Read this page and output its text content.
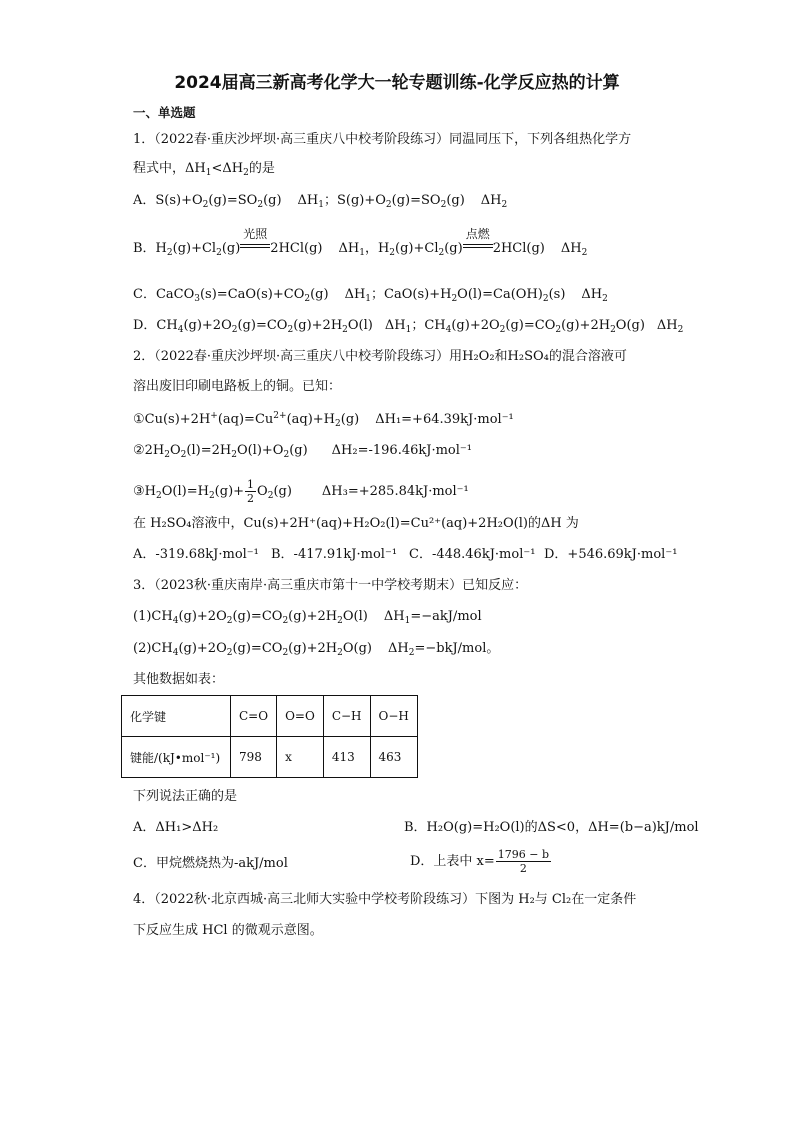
2024届高三新高考化学大一轮专题训练-化学反应热的计算
一、单选题
1．（2022春·重庆沙坪坝·高三重庆八中校考阶段练习）同温同压下，下列各组热化学方
程式中，$\Delta H_1<\Delta H_2$的是
A．$S(s)+O_2(g)=SO_2(g)$ $\Delta H_1$；$S(g)+O_2(g)=SO_2(g)$ $\Delta H_2$
B．$H_2(g)+Cl_2(g)$
光照
2HCl(g) $\Delta H_1$，$H_2(g)+Cl_2(g)$
点燃
2HCl(g) $\Delta H_2$
C．$CaCO_3(s)=CaO(s)+CO_2(g)$ $\Delta H_1$；$CaO(s)+H_2O(l)=Ca(OH)_2(s)$ $\Delta H_2$
D．$CH_4(g)+2O_2(g)=CO_2(g)+2H_2O(l)$ $\Delta H_1$；$CH_4(g)+2O_2(g)=CO_2(g)+2H_2O(g)$ $\Delta H_2$
2．（2022春·重庆沙坪坝·高三重庆八中校考阶段练习）用H₂O₂和H₂SO₄的混合溶液可
溶出废旧印刷电路板上的铜。已知：
$①Cu(s)+2H^+(aq)=Cu^{2+}(aq)+H_2(g)$ ΔH₁=+64.39kJ·mol⁻¹
$②2H_2O_2(l)=2H_2O(l)+O_2(g)$ ΔH₂=-196.46kJ·mol⁻¹
$③H_2O(l)=H_2(g)+ \frac{1}{2} O_2(g)$ ΔH₃=+285.84kJ·mol⁻¹
在 H₂SO₄溶液中，Cu(s)+2H⁺(aq)+H₂O₂(l)=Cu²⁺(aq)+2H₂O(l)的ΔH 为
A．-319.68kJ·mol⁻¹ B．-417.91kJ·mol⁻¹ C．-448.46kJ·mol⁻¹ D．+546.69kJ·mol⁻¹
3．（2023秋·重庆南岸·高三重庆市第十一中学校考期末）已知反应：
$(1)CH_4(g)+2O_2(g)=CO_2(g)+2H_2O(l)$ $\Delta H_1=-akJ$/mol
$(2)CH_4(g)+2O_2(g)=CO_2(g)+2H_2O(g)$ $\Delta H_2=-bkJ$/mol。
其他数据如表：
化学键	C=O	O=O	C−H	O−H
键能/(kJ•mol⁻¹)	798	x	413	463
下列说法正确的是
A．ΔH₁>ΔH₂	B．H₂O(g)=H₂O(l)的ΔS<0，ΔH=(b−a)kJ/mol
C．甲烷燃烧热为-akJ/mol	D．上表中 $x= \frac{1796 - b}{2}$
4．（2022秋·北京西城·高三北师大实验中学校考阶段练习）下图为 H₂与 Cl₂在一定条件
下反应生成 HCl 的微观示意图。
